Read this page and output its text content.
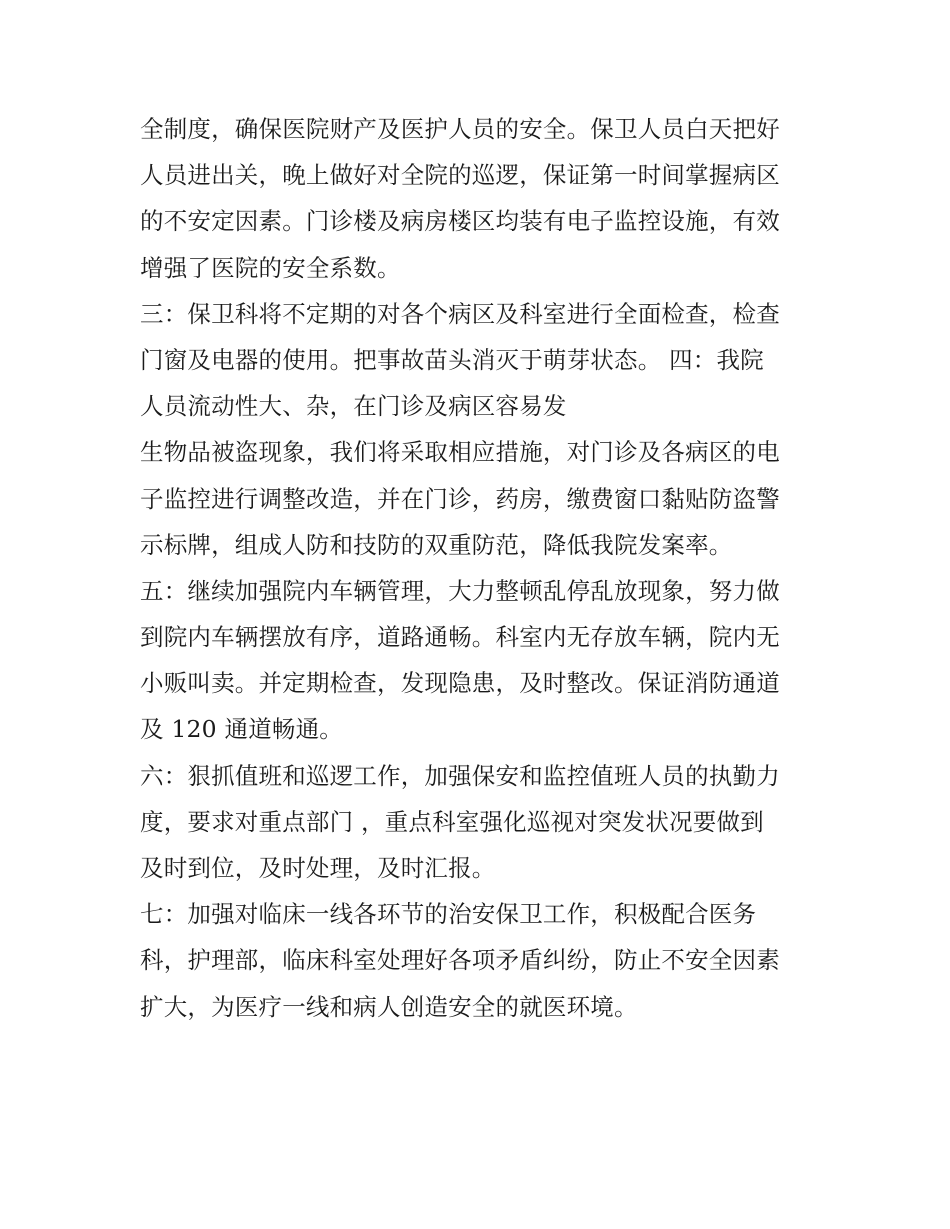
全制度，确保医院财产及医护人员的安全。保卫人员白天把好
人员进出关，晚上做好对全院的巡逻，保证第一时间掌握病区
的不安定因素。门诊楼及病房楼区均装有电子监控设施，有效
增强了医院的安全系数。
三：保卫科将不定期的对各个病区及科室进行全面检查，检查
门窗及电器的使用。把事故苗头消灭于萌芽状态。 四：我院
人员流动性大、杂，在门诊及病区容易发
生物品被盗现象，我们将采取相应措施，对门诊及各病区的电
子监控进行调整改造，并在门诊，药房，缴费窗口黏贴防盗警
示标牌，组成人防和技防的双重防范，降低我院发案率。
五：继续加强院内车辆管理，大力整顿乱停乱放现象，努力做
到院内车辆摆放有序，道路通畅。科室内无存放车辆，院内无
小贩叫卖。并定期检查，发现隐患，及时整改。保证消防通道
及 120 通道畅通。
六：狠抓值班和巡逻工作，加强保安和监控值班人员的执勤力
度，要求对重点部门 ，重点科室强化巡视对突发状况要做到
及时到位，及时处理，及时汇报。
七：加强对临床一线各环节的治安保卫工作，积极配合医务
科，护理部，临床科室处理好各项矛盾纠纷，防止不安全因素
扩大，为医疗一线和病人创造安全的就医环境。
